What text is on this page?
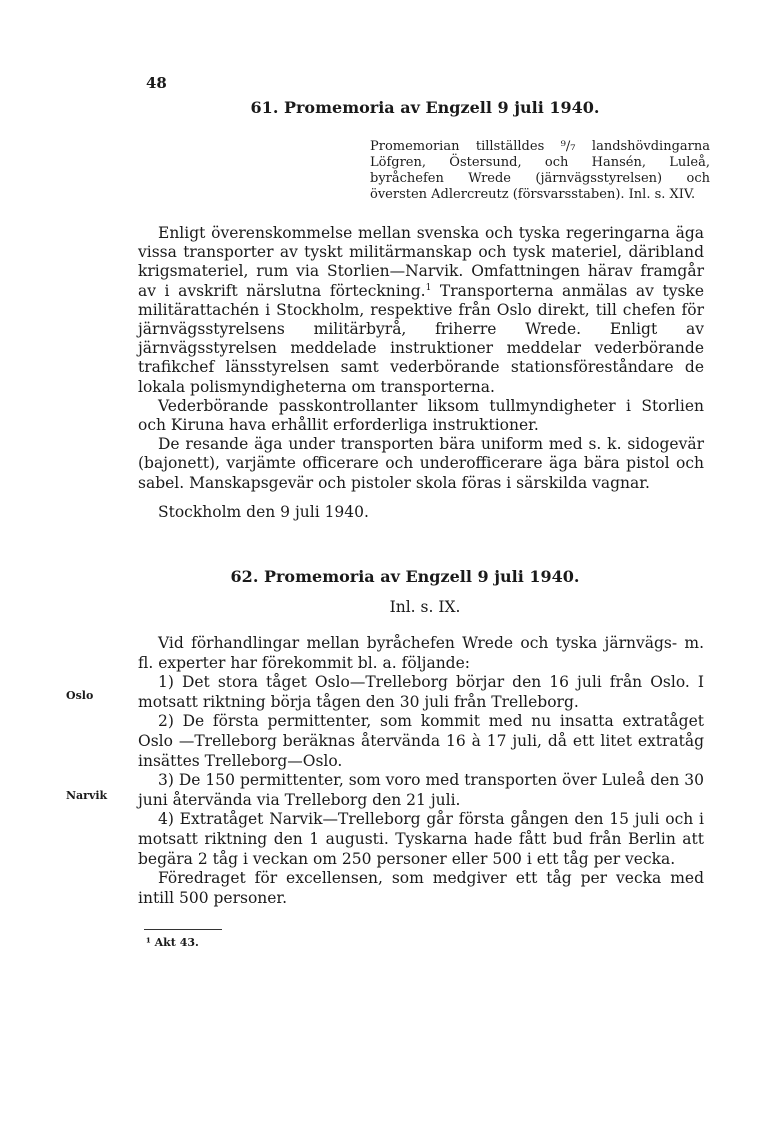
48
61. Promemoria av Engzell 9 juli 1940.
Promemorian tillställdes ⁹/₇ landshövdingarna Löfgren, Östersund, och Hansén, Luleå, byråchefen Wrede (järnvägsstyrelsen) och översten Adlercreutz (försvarsstaben). Inl. s. XIV.

Enligt överenskommelse mellan svenska och tyska regeringarna äga vissa transporter av tyskt militärmanskap och tysk materiel, däribland krigsmateriel, rum via Storlien—Narvik. Omfattningen härav framgår av i avskrift närslutna förteckning.$^1$ Transporterna anmälas av tyske militärattachén i Stockholm, respektive från Oslo direkt, till chefen för järnvägsstyrelsens militärbyrå, friherre Wrede. Enligt av järnvägsstyrelsen meddelade instruktioner meddelar vederbörande trafikchef länsstyrelsen samt vederbörande stationsföreståndare de lokala polismyndigheterna om transporterna.

Vederbörande passkontrollanter liksom tullmyndigheter i Storlien och Kiruna hava erhållit erforderliga instruktioner.

De resande äga under transporten bära uniform med s. k. sidogevär (bajonett), varjämte officerare och underofficerare äga bära pistol och sabel. Manskapsgevär och pistoler skola föras i särskilda vagnar.

Stockholm den 9 juli 1940.

62. Promemoria av Engzell 9 juli 1940.
Inl. s. IX.

Vid förhandlingar mellan byråchefen Wrede och tyska järnvägs- m. fl. experter har förekommit bl. a. följande:

1) Det stora tåget Oslo—Trelleborg börjar den 16 juli från Oslo. I motsatt riktning börja tågen den 30 juli från Trelleborg.

2) De första permittenter, som kommit med nu insatta extratåget Oslo —Trelleborg beräknas återvända 16 à 17 juli, då ett litet extratåg insättes Trelleborg—Oslo.

3) De 150 permittenter, som voro med transporten över Luleå den 30 juni återvända via Trelleborg den 21 juli.

4) Extratåget Narvik—Trelleborg går första gången den 15 juli och i motsatt riktning den 1 augusti. Tyskarna hade fått bud från Berlin att begära 2 tåg i veckan om 250 personer eller 500 i ett tåg per vecka.

Föredraget för excellensen, som medgiver ett tåg per vecka med intill 500 personer.

Oslo
Narvik
¹ Akt 43.
